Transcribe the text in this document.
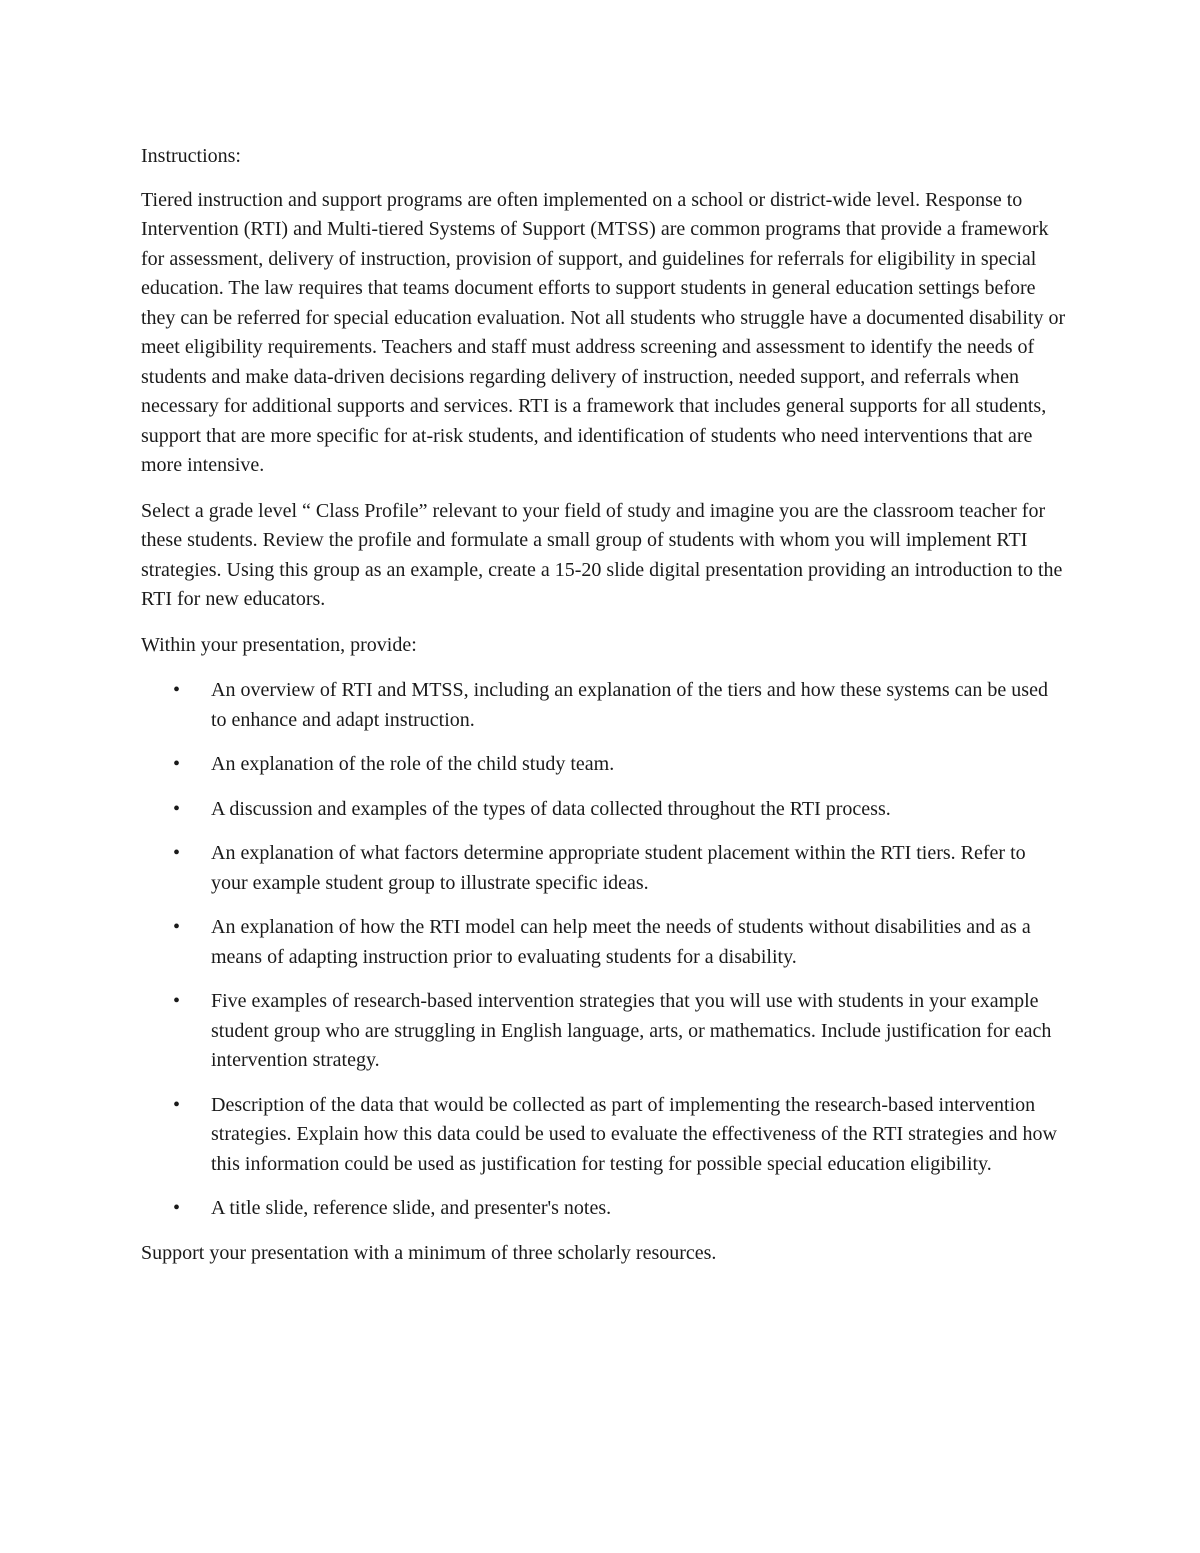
Instructions:

Tiered instruction and support programs are often implemented on a school or district-wide level. Response to Intervention (RTI) and Multi-tiered Systems of Support (MTSS) are common programs that provide a framework for assessment, delivery of instruction, provision of support, and guidelines for referrals for eligibility in special education. The law requires that teams document efforts to support students in general education settings before they can be referred for special education evaluation. Not all students who struggle have a documented disability or meet eligibility requirements. Teachers and staff must address screening and assessment to identify the needs of students and make data-driven decisions regarding delivery of instruction, needed support, and referrals when necessary for additional supports and services. RTI is a framework that includes general supports for all students, support that are more specific for at-risk students, and identification of students who need interventions that are more intensive.

Select a grade level “ Class Profile” relevant to your field of study and imagine you are the classroom teacher for these students. Review the profile and formulate a small group of students with whom you will implement RTI strategies. Using this group as an example, create a 15-20 slide digital presentation providing an introduction to the RTI for new educators.

Within your presentation, provide:

• An overview of RTI and MTSS, including an explanation of the tiers and how these systems can be used to enhance and adapt instruction.
• An explanation of the role of the child study team.
• A discussion and examples of the types of data collected throughout the RTI process.
• An explanation of what factors determine appropriate student placement within the RTI tiers. Refer to your example student group to illustrate specific ideas.
• An explanation of how the RTI model can help meet the needs of students without disabilities and as a means of adapting instruction prior to evaluating students for a disability.
• Five examples of research-based intervention strategies that you will use with students in your example student group who are struggling in English language, arts, or mathematics. Include justification for each intervention strategy.
• Description of the data that would be collected as part of implementing the research-based intervention strategies. Explain how this data could be used to evaluate the effectiveness of the RTI strategies and how this information could be used as justification for testing for possible special education eligibility.
• A title slide, reference slide, and presenter's notes.

Support your presentation with a minimum of three scholarly resources.
